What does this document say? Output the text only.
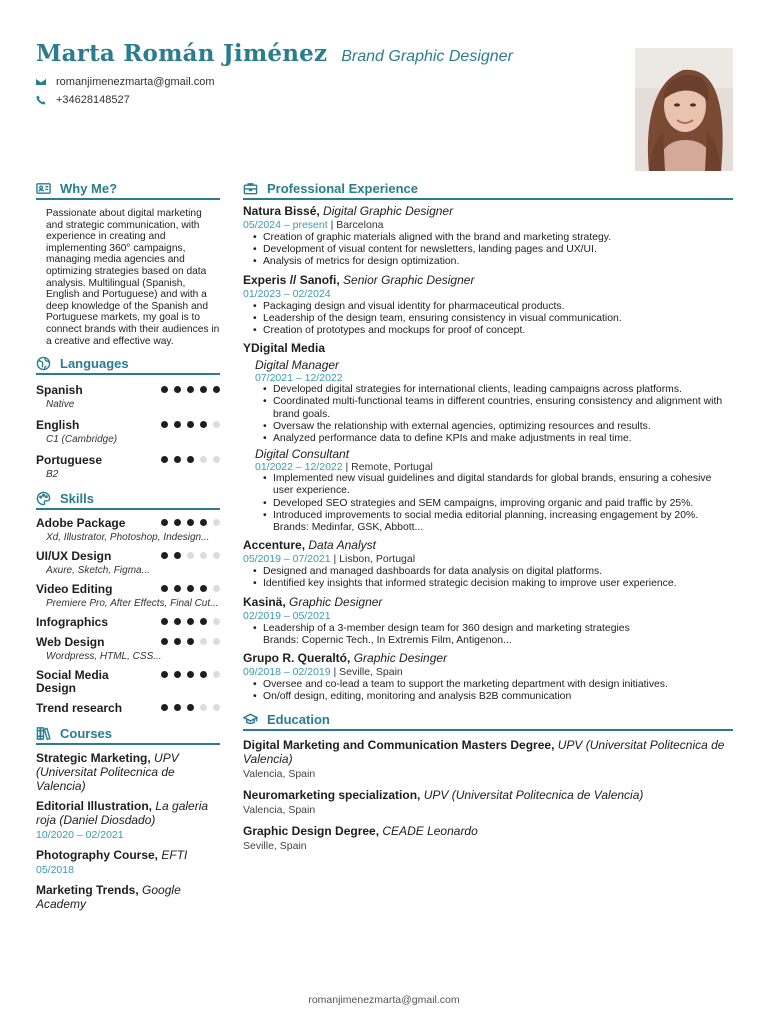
Marta Román Jiménez Brand Graphic Designer
romanjimenezmarta@gmail.com
+34628148527
Why Me?

Passionate about digital marketing and strategic communication, with experience in creating and implementing 360° campaigns, managing media agencies and optimizing strategies based on data analysis. Multilingual (Spanish, English and Portuguese) and with a deep knowledge of the Spanish and Portuguese markets, my goal is to connect brands with their audiences in a creative and effective way.

Languages
Spanish
Native
English
C1 (Cambridge)
Portuguese
B2
Skills
Adobe Package
Xd, Illustrator, Photoshop, Indesign...
UI/UX Design
Axure, Sketch, Figma...
Video Editing
Premiere Pro, After Effects, Final Cut...
Infographics
Web Design
Wordpress, HTML, CSS...
Social Media Design
Trend research
Courses
Strategic Marketing, UPV (Universitat Politecnica de Valencia)
Editorial Illustration, La galeria roja (Daniel Diosdado)
10/2020 – 02/2021
Photography Course, EFTI
05/2018
Marketing Trends, Google Academy
Professional Experience
Natura Bissé, Digital Graphic Designer
05/2024 – present | Barcelona
• Creation of graphic materials aligned with the brand and marketing strategy.
• Development of visual content for newsletters, landing pages and UX/UI.
• Analysis of metrics for design optimization.
Experis // Sanofi, Senior Graphic Designer
01/2023 – 02/2024
• Packaging design and visual identity for pharmaceutical products.
• Leadership of the design team, ensuring consistency in visual communication.
• Creation of prototypes and mockups for proof of concept.
YDigital Media
Digital Manager
07/2021 – 12/2022
• Developed digital strategies for international clients, leading campaigns across platforms.
• Coordinated multi-functional teams in different countries, ensuring consistency and alignment with brand goals.
• Oversaw the relationship with external agencies, optimizing resources and results.
• Analyzed performance data to define KPIs and make adjustments in real time.
Digital Consultant
01/2022 – 12/2022 | Remote, Portugal
• Implemented new visual guidelines and digital standards for global brands, ensuring a cohesive user experience.
• Developed SEO strategies and SEM campaigns, improving organic and paid traffic by 25%.
• Introduced improvements to social media editorial planning, increasing engagement by 20%.
Brands: Medinfar, GSK, Abbott...
Accenture, Data Analyst
05/2019 – 07/2021 | Lisbon, Portugal
• Designed and managed dashboards for data analysis on digital platforms.
• Identified key insights that informed strategic decision making to improve user experience.
Kasinä, Graphic Designer
02/2019 – 05/2021
• Leadership of a 3-member design team for 360 design and marketing strategies
Brands: Copernic Tech., In Extremis Film, Antigenon...
Grupo R. Queraltó, Graphic Desinger
09/2018 – 02/2019 | Seville, Spain
• Oversee and co-lead a team to support the marketing department with design initiatives.
• On/off design, editing, monitoring and analysis B2B communication
Education
Digital Marketing and Communication Masters Degree, UPV (Universitat Politecnica de Valencia)
Valencia, Spain
Neuromarketing specialization, UPV (Universitat Politecnica de Valencia)
Valencia, Spain
Graphic Design Degree, CEADE Leonardo
Seville, Spain
romanjimenezmarta@gmail.com
